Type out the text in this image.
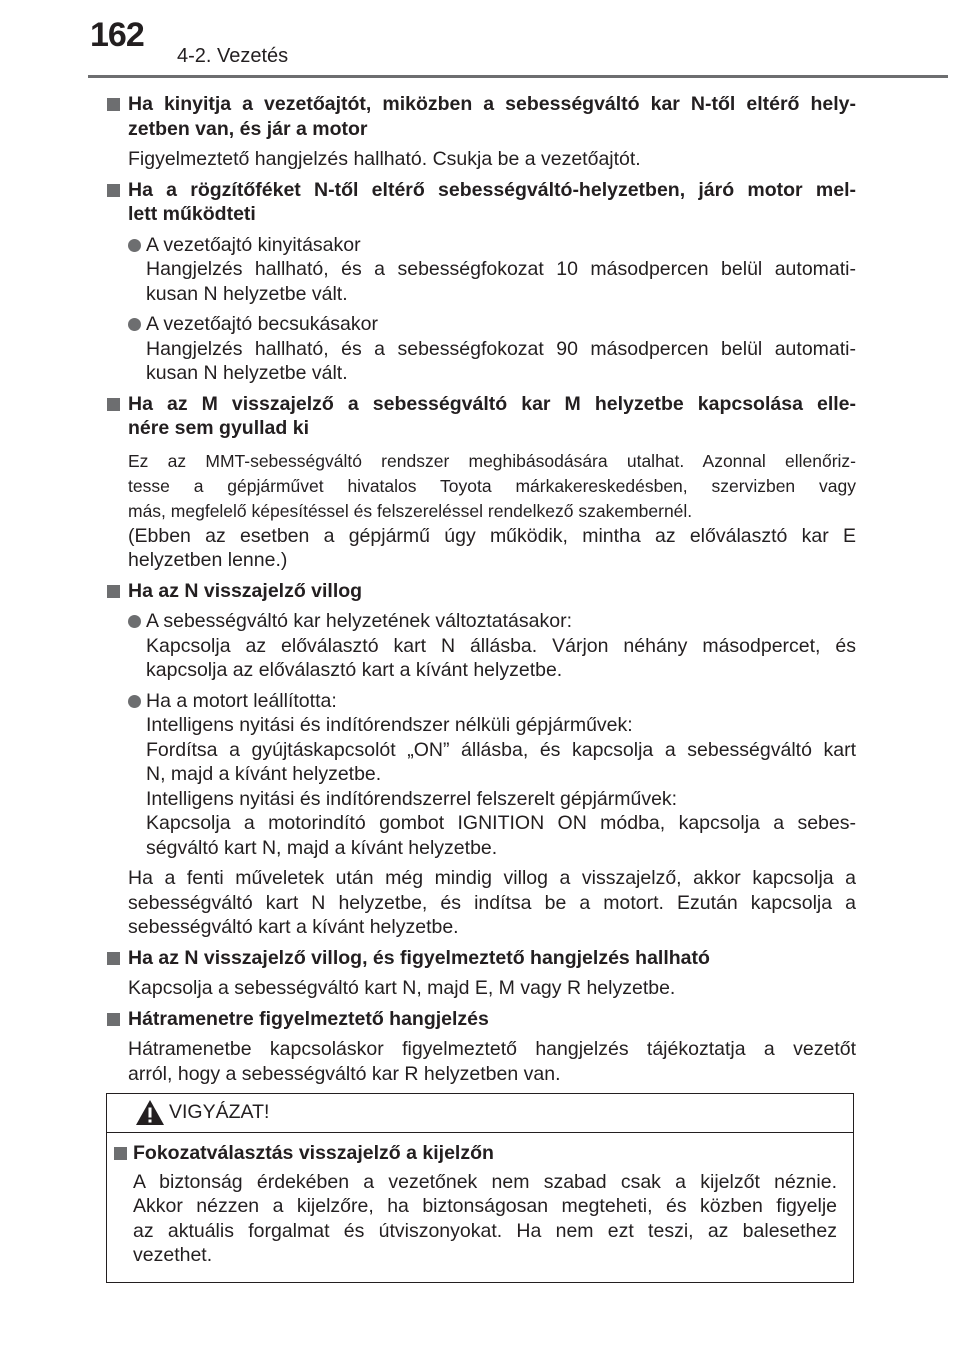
162
4-2. Vezetés
Ha kinyitja a vezetőajtót, miközben a sebességváltó kar N-től eltérő hely-
zetben van, és jár a motor
Figyelmeztető hangjelzés hallható. Csukja be a vezetőajtót.
Ha a rögzítőféket N-től eltérő sebességváltó-helyzetben, járó motor mel-
lett működteti
A vezetőajtó kinyitásakor
Hangjelzés hallható, és a sebességfokozat 10 másodpercen belül automati-
kusan N helyzetbe vált.
A vezetőajtó becsukásakor
Hangjelzés hallható, és a sebességfokozat 90 másodpercen belül automati-
kusan N helyzetbe vált.
Ha az M visszajelző a sebességváltó kar M helyzetbe kapcsolása elle-
nére sem gyullad ki
Ez az MMT-sebességváltó rendszer meghibásodására utalhat. Azonnal ellenőriz-
tesse a gépjárművet hivatalos Toyota márkakereskedésben, szervizben vagy
más, megfelelő képesítéssel és felszereléssel rendelkező szakembernél.
(Ebben az esetben a gépjármű úgy működik, mintha az előválasztó kar E
helyzetben lenne.)
Ha az N visszajelző villog
A sebességváltó kar helyzetének változtatásakor:
Kapcsolja az előválasztó kart N állásba. Várjon néhány másodpercet, és
kapcsolja az előválasztó kart a kívánt helyzetbe.
Ha a motort leállította:
Intelligens nyitási és indítórendszer nélküli gépjárművek:
Fordítsa a gyújtáskapcsolót „ON” állásba, és kapcsolja a sebességváltó kart
N, majd a kívánt helyzetbe.
Intelligens nyitási és indítórendszerrel felszerelt gépjárművek:
Kapcsolja a motorindító gombot IGNITION ON módba, kapcsolja a sebes-
ségváltó kart N, majd a kívánt helyzetbe.
Ha a fenti műveletek után még mindig villog a visszajelző, akkor kapcsolja a
sebességváltó kart N helyzetbe, és indítsa be a motort. Ezután kapcsolja a
sebességváltó kart a kívánt helyzetbe.
Ha az N visszajelző villog, és figyelmeztető hangjelzés hallható
Kapcsolja a sebességváltó kart N, majd E, M vagy R helyzetbe.
Hátramenetre figyelmeztető hangjelzés
Hátramenetbe kapcsoláskor figyelmeztető hangjelzés tájékoztatja a vezetőt
arról, hogy a sebességváltó kar R helyzetben van.
VIGYÁZAT!
Fokozatválasztás visszajelző a kijelzőn
A biztonság érdekében a vezetőnek nem szabad csak a kijelzőt néznie.
Akkor nézzen a kijelzőre, ha biztonságosan megteheti, és közben figyelje
az aktuális forgalmat és útviszonyokat. Ha nem ezt teszi, az balesethez
vezethet.
